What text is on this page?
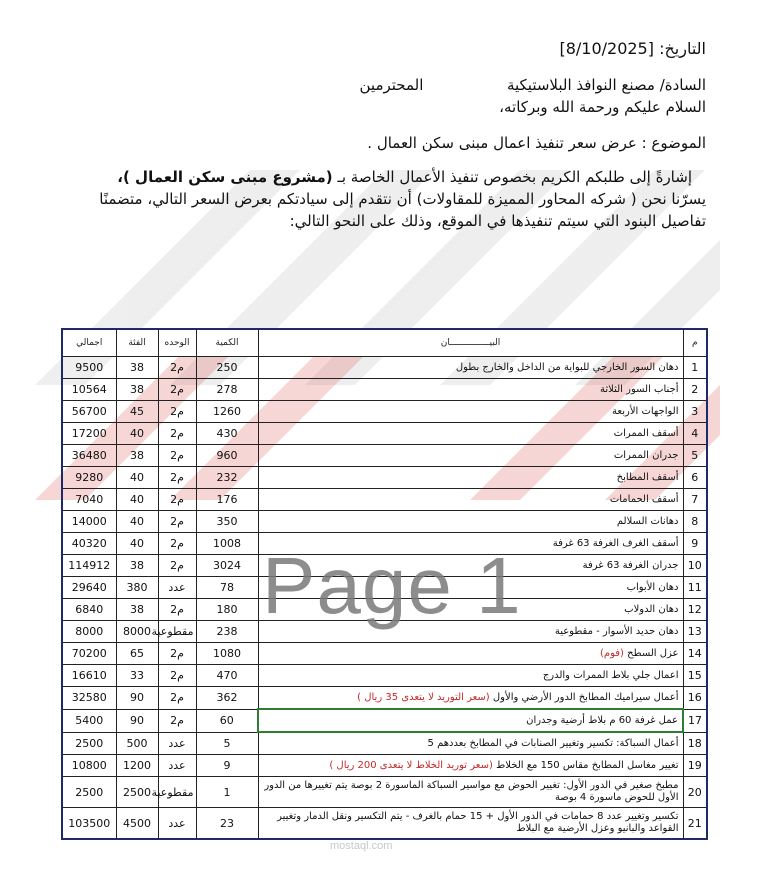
التاريخ: [8/10/2025]
السادة/ مصنع النوافذ البلاستيكية  المحترمين
السلام عليكم ورحمة الله وبركاته،
الموضوع : عرض سعر تنفيذ اعمال مبنى سكن العمال .
إشارةً إلى طلبكم الكريم بخصوص تنفيذ الأعمال الخاصة بـ (مشروع مبنى سكن العمال )،
يسرّنا نحن ( شركه المحاور المميزة للمقاولات) أن نتقدم إلى سيادتكم بعرض السعر التالي، متضمنًا
تفاصيل البنود التي سيتم تنفيذها في الموقع، وذلك على النحو التالي:
م	البيـــــــــــــــان	الكمية	الوحده	الفئة	اجمالي
1	دهان السور الخارجي للبواية من الداخل والخارج بطول	250	م2	38	9500
2	أجناب السور الثلاثة	278	م2	38	10564
3	الواجهات الأربعة	1260	م2	45	56700
4	أسقف الممرات	430	م2	40	17200
5	جدران الممرات	960	م2	38	36480
6	أسقف المطابخ	232	م2	40	9280
7	أسقف الحمامات	176	م2	40	7040
8	دهانات السلالم	350	م2	40	14000
9	أسقف الغرف الغرفة 63 غرفة	1008	م2	40	40320
10	جدران الغرفة 63 غرفة	3024	م2	38	114912
11	دهان الأبواب	78	عدد	380	29640
12	دهان الدولاب	180	م2	38	6840
13	دهان حديد الأسوار - مقطوعية	238	مقطوعية	8000	8000
14	عزل السطح (فوم)	1080	م2	65	70200
15	اعمال جلي بلاط الممرات والدرج	470	م2	33	16610
16	أعمال سيراميك المطابخ الدور الأرضي والأول (سعر التوريد لا يتعدى 35 ريال )	362	م2	90	32580
17	عمل غرفة 60 م بلاط أرضية وجدران	60	م2	90	5400
18	أعمال السباكة: تكسير وتغيير الصنابات في المطابخ بعددهم 5	5	عدد	500	2500
19	تغيير مغاسل المطابخ مقاس 150 مع الخلاط (سعر توريد الخلاط لا يتعدى 200 ريال )	9	عدد	1200	10800
20	مطبخ صغير في الدور الأول: تغيير الحوض مع مواسير السباكة الماسورة 2 بوصة يتم تغييرها من الدور الأول للحوض ماسورة 4 بوصة	1	مقطوعية	2500	2500
21	تكسير وتغيير عدد 8 حمامات في الدور الأول + 15 حمام بالغرف - يتم التكسير ونقل الدمار وتغيير القواعد والبانيو وعزل الأرضية مع البلاط	23	عدد	4500	103500
Page 1
mostaql.com
